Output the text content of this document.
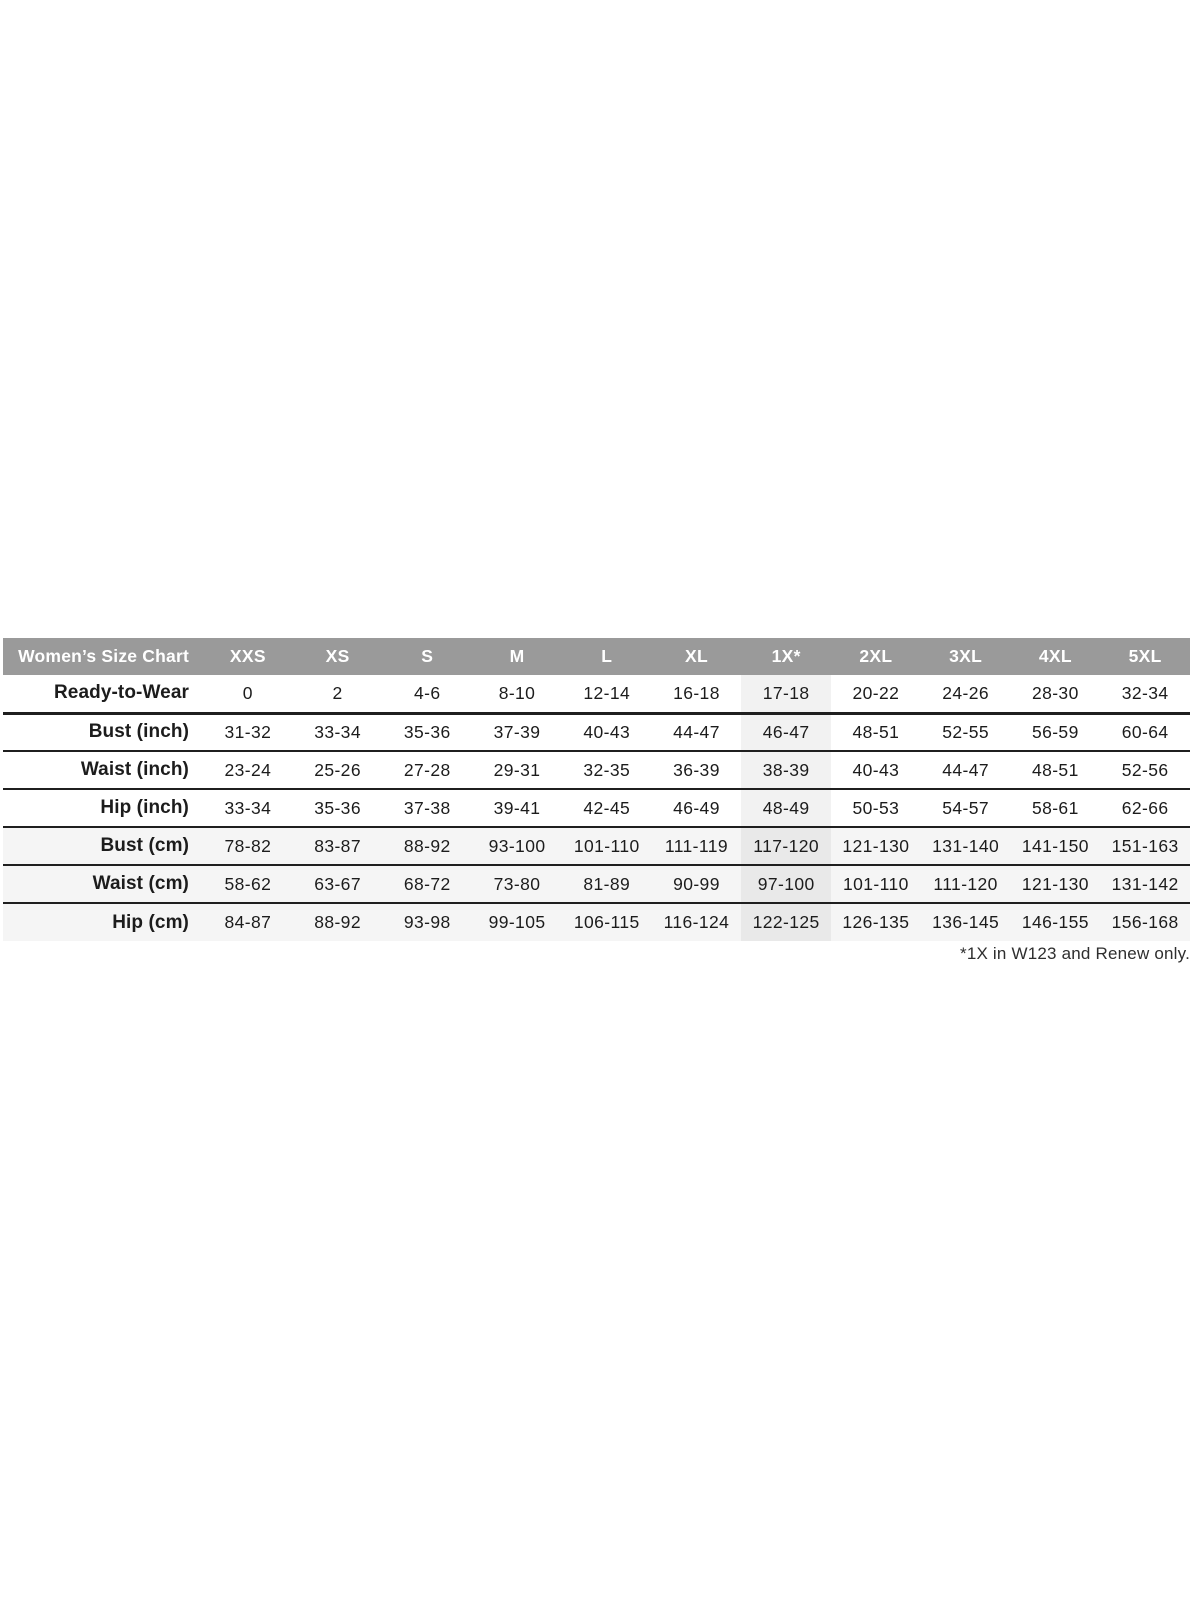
Women’s Size Chart	XXS	XS	S	M	L	XL	1X*	2XL	3XL	4XL	5XL
Ready-to-Wear	0	2	4-6	8-10	12-14	16-18	17-18	20-22	24-26	28-30	32-34
Bust (inch)	31-32	33-34	35-36	37-39	40-43	44-47	46-47	48-51	52-55	56-59	60-64
Waist (inch)	23-24	25-26	27-28	29-31	32-35	36-39	38-39	40-43	44-47	48-51	52-56
Hip (inch)	33-34	35-36	37-38	39-41	42-45	46-49	48-49	50-53	54-57	58-61	62-66
Bust (cm)	78-82	83-87	88-92	93-100	101-110	111-119	117-120	121-130	131-140	141-150	151-163
Waist (cm)	58-62	63-67	68-72	73-80	81-89	90-99	97-100	101-110	111-120	121-130	131-142
Hip (cm)	84-87	88-92	93-98	99-105	106-115	116-124	122-125	126-135	136-145	146-155	156-168
*1X in W123 and Renew only.
